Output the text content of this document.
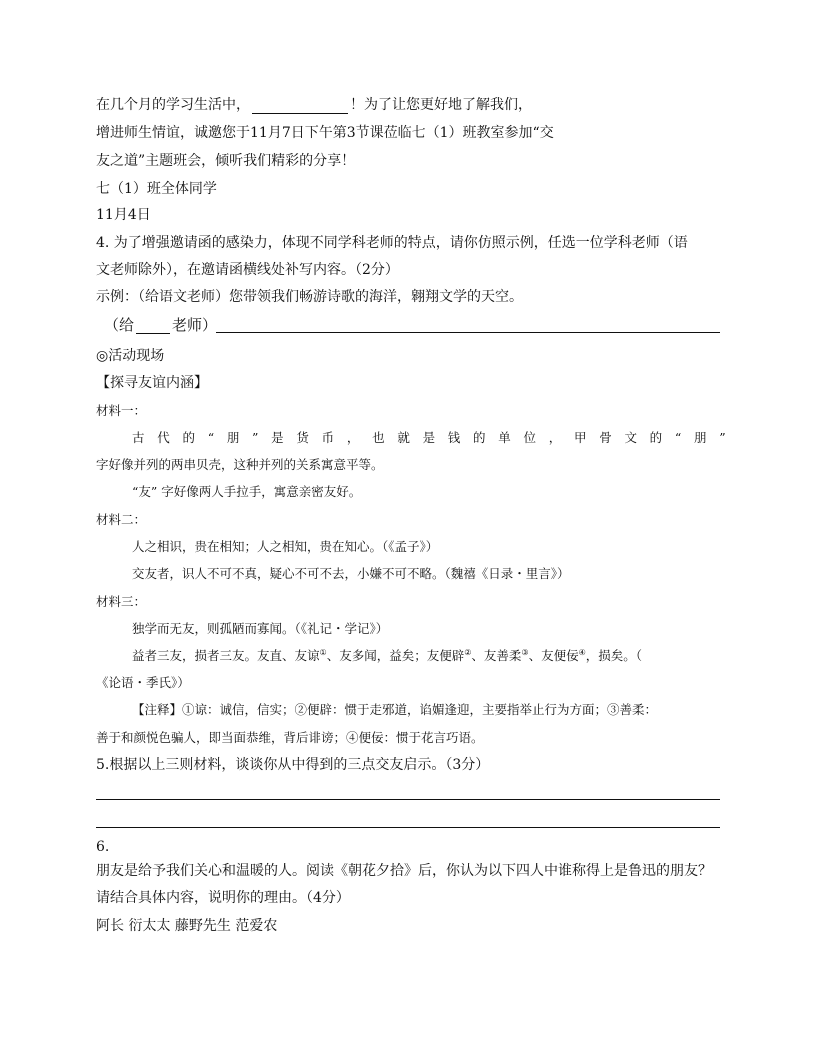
在几个月的学习生活中，	！为了让您更好地了解我们，
增进师生情谊，诚邀您于11月7日下午第3节课莅临七（1）班教室参加“交
友之道”主题班会，倾听我们精彩的分享！
七（1）班全体同学
11月4日
4. 为了增强邀请函的感染力，体现不同学科老师的特点，请你仿照示例，任选一位学科老师（语
文老师除外），在邀请函横线处补写内容。（2分）
示例：（给语文老师）您带领我们畅游诗歌的海洋，翱翔文学的天空。
（给	老师）
◎活动现场
【探寻友谊内涵】
材料一：
古 代 的 “ 朋 ” 是 货 币 ， 也 就 是 钱 的 单 位 ， 甲 骨 文 的 “ 朋 ”
字好像并列的两串贝壳，这种并列的关系寓意平等。
“友” 字好像两人手拉手，寓意亲密友好。
材料二：
人之相识，贵在相知；人之相知，贵在知心。（《孟子》）
交友者，识人不可不真，疑心不可不去，小嫌不可不略。（魏禧《日录・里言》）
材料三：
独学而无友，则孤陋而寡闻。（《礼记・学记》）
益者三友，损者三友。友直、友谅①、友多闻，益矣；友便辟②、友善柔③、友便佞④，损矣。（
《论语・季氏》）
【注释】①谅：诚信，信实；②便辟：惯于走邪道，谄媚逢迎，主要指举止行为方面；③善柔：
善于和颜悦色骗人，即当面恭维，背后诽谤；④便佞：惯于花言巧语。
5.根据以上三则材料，谈谈你从中得到的三点交友启示。（3分）
6.
朋友是给予我们关心和温暖的人。阅读《朝花夕拾》后，你认为以下四人中谁称得上是鲁迅的朋友？
请结合具体内容，说明你的理由。（4分）
阿长 衍太太 藤野先生 范爱农
